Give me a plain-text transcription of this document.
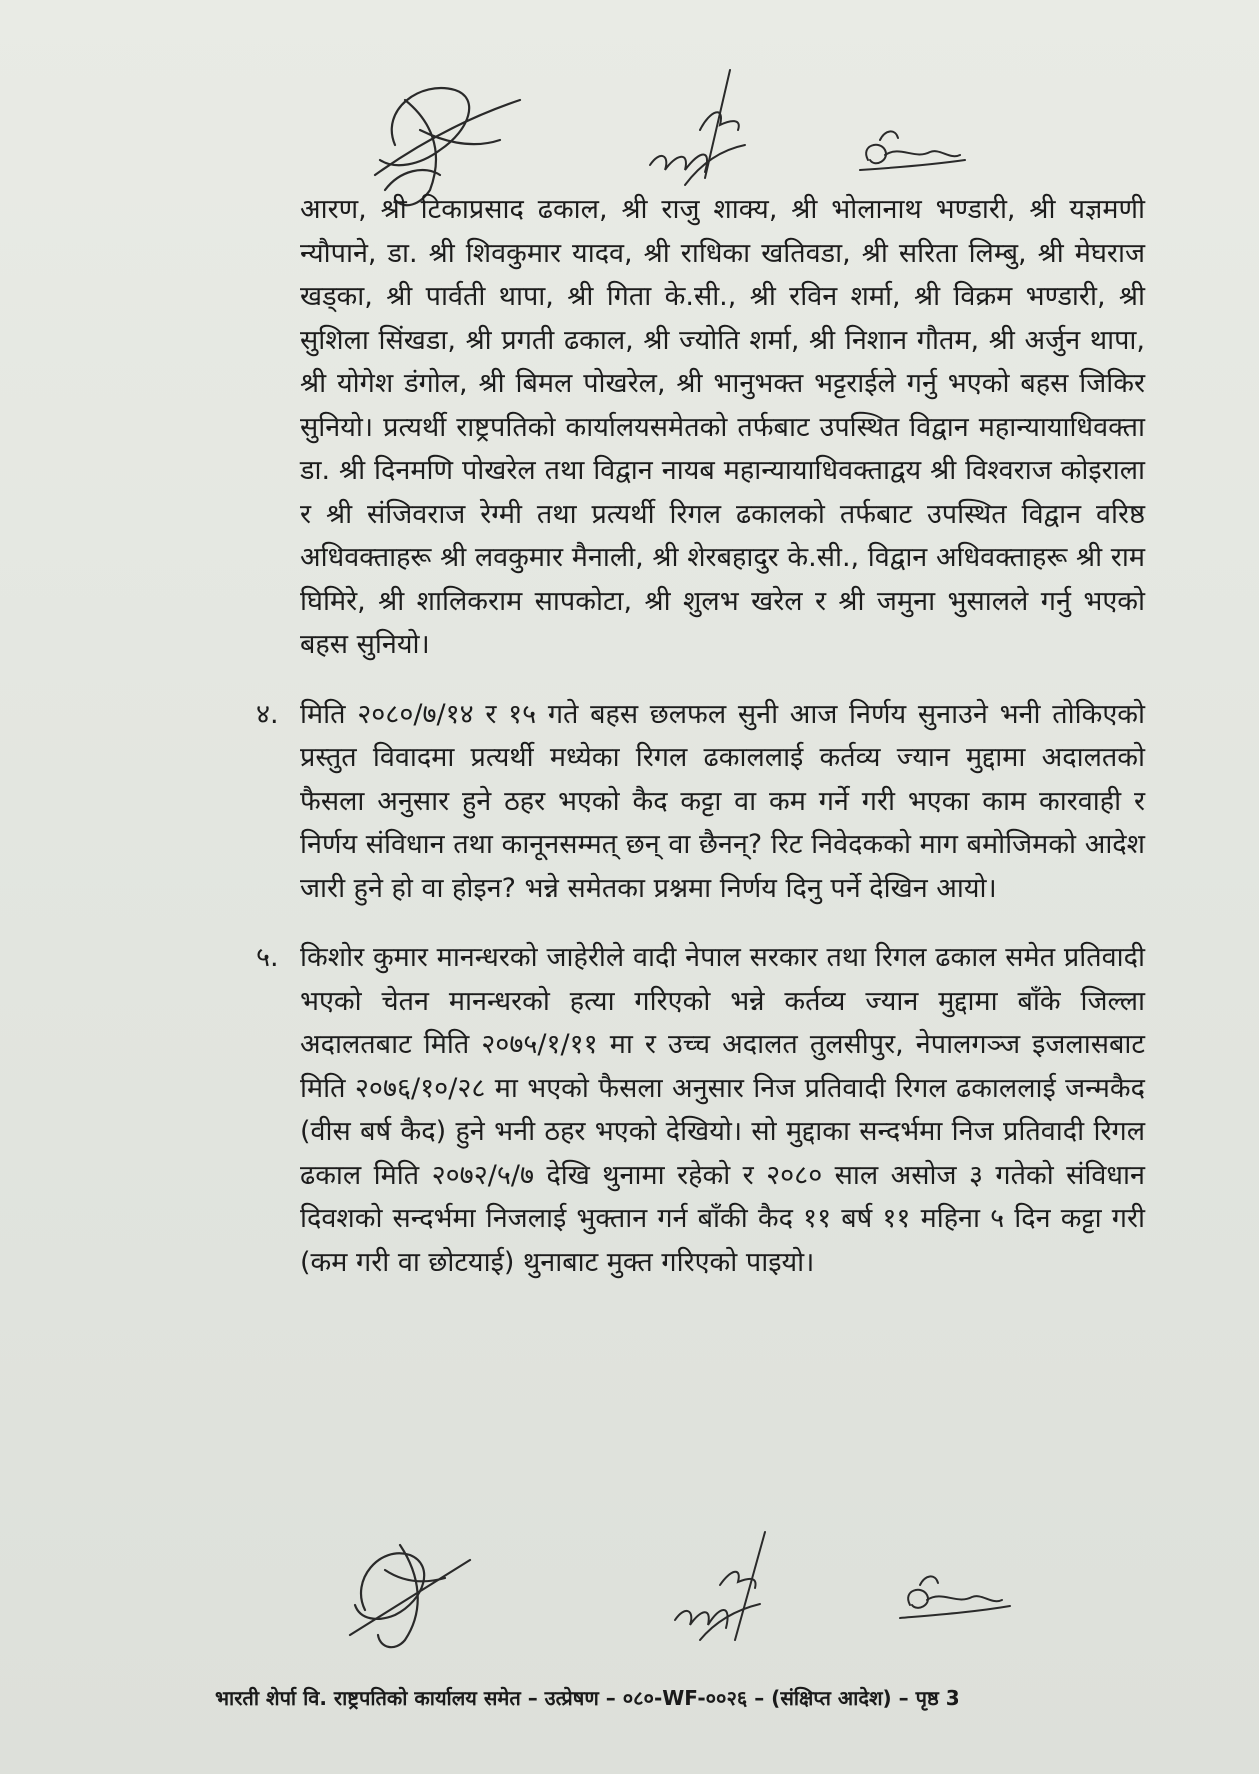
आरण, श्री टिकाप्रसाद ढकाल, श्री राजु शाक्य, श्री भोलानाथ भण्डारी, श्री यज्ञमणी न्यौपाने, डा. श्री शिवकुमार यादव, श्री राधिका खतिवडा, श्री सरिता लिम्बु, श्री मेघराज खड्का, श्री पार्वती थापा, श्री गिता के.सी., श्री रविन शर्मा, श्री विक्रम भण्डारी, श्री सुशिला सिंखडा, श्री प्रगती ढकाल, श्री ज्योति शर्मा, श्री निशान गौतम, श्री अर्जुन थापा, श्री योगेश डंगोल, श्री बिमल पोखरेल, श्री भानुभक्त भट्टराईले गर्नु भएको बहस जिकिर सुनियो। प्रत्यर्थी राष्ट्रपतिको कार्यालयसमेतको तर्फबाट उपस्थित विद्वान महान्यायाधिवक्ता डा. श्री दिनमणि पोखरेल तथा विद्वान नायब महान्यायाधिवक्ताद्वय श्री विश्वराज कोइराला र श्री संजिवराज रेग्मी तथा प्रत्यर्थी रिगल ढकालको तर्फबाट उपस्थित विद्वान वरिष्ठ अधिवक्ताहरू श्री लवकुमार मैनाली, श्री शेरबहादुर के.सी., विद्वान अधिवक्ताहरू श्री राम घिमिरे, श्री शालिकराम सापकोटा, श्री शुलभ खरेल र श्री जमुना भुसालले गर्नु भएको बहस सुनियो।

४. मिति २०८०/७/१४ र १५ गते बहस छलफल सुनी आज निर्णय सुनाउने भनी तोकिएको प्रस्तुत विवादमा प्रत्यर्थी मध्येका रिगल ढकाललाई कर्तव्य ज्यान मुद्दामा अदालतको फैसला अनुसार हुने ठहर भएको कैद कट्टा वा कम गर्ने गरी भएका काम कारवाही र निर्णय संविधान तथा कानूनसम्मत् छन् वा छैनन्? रिट निवेदकको माग बमोजिमको आदेश जारी हुने हो वा होइन? भन्ने समेतका प्रश्नमा निर्णय दिनु पर्ने देखिन आयो।
५. किशोर कुमार मानन्धरको जाहेरीले वादी नेपाल सरकार तथा रिगल ढकाल समेत प्रतिवादी भएको चेतन मानन्धरको हत्या गरिएको भन्ने कर्तव्य ज्यान मुद्दामा बाँके जिल्ला अदालतबाट मिति २०७५/१/११ मा र उच्च अदालत तुलसीपुर, नेपालगञ्ज इजलासबाट मिति २०७६/१०/२८ मा भएको फैसला अनुसार निज प्रतिवादी रिगल ढकाललाई जन्मकैद (वीस बर्ष कैद) हुने भनी ठहर भएको देखियो। सो मुद्दाका सन्दर्भमा निज प्रतिवादी रिगल ढकाल मिति २०७२/५/७ देखि थुनामा रहेको र २०८० साल असोज ३ गतेको संविधान दिवशको सन्दर्भमा निजलाई भुक्तान गर्न बाँकी कैद ११ बर्ष ११ महिना ५ दिन कट्टा गरी (कम गरी वा छोटयाई) थुनाबाट मुक्त गरिएको पाइयो।
भारती शेर्पा वि. राष्ट्रपतिको कार्यालय समेत – उत्प्रेषण – ०८०-WF-००२६ – (संक्षिप्त आदेश) – पृष्ठ 3
